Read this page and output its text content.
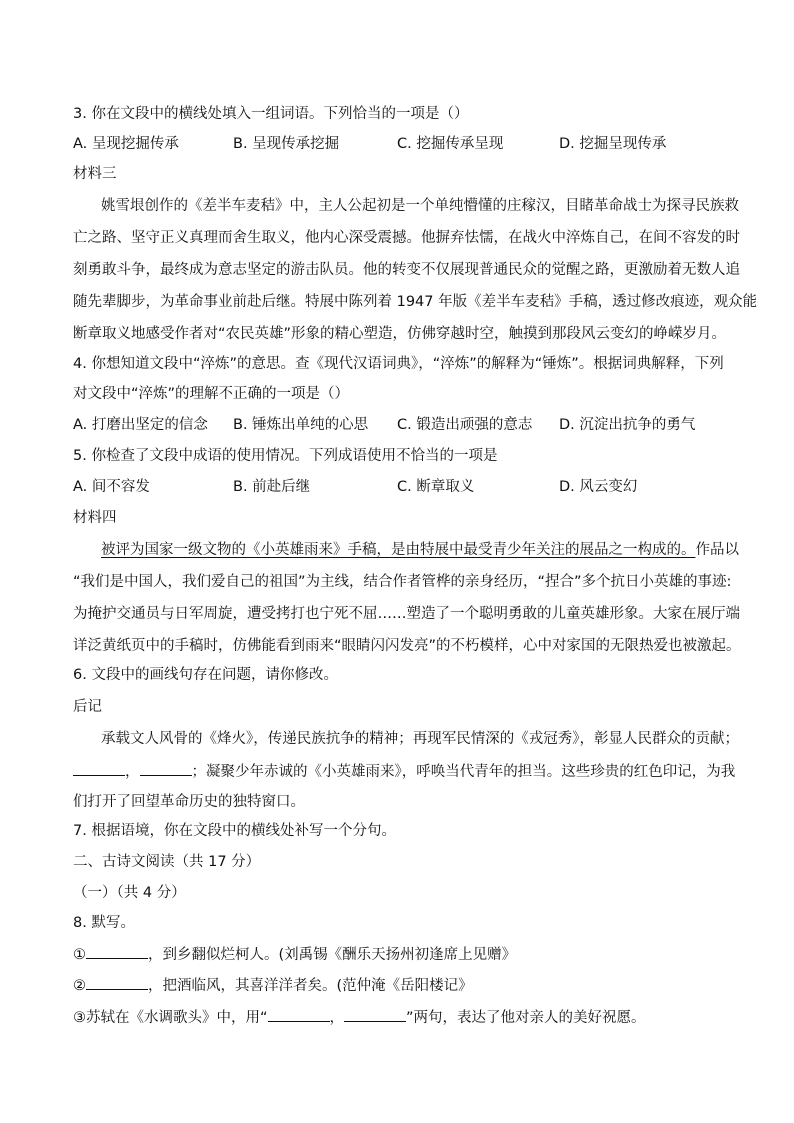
3. 你在文段中的横线处填入一组词语。下列恰当的一项是（）
A. 呈现挖掘传承	B. 呈现传承挖掘	C. 挖掘传承呈现	D. 挖掘呈现传承
材料三
姚雪垠创作的《差半车麦秸》中，主人公起初是一个单纯懵懂的庄稼汉，目睹革命战士为探寻民族救
亡之路、坚守正义真理而舍生取义，他内心深受震撼。他摒弃怯懦，在战火中淬炼自己，在间不容发的时
刻勇敢斗争，最终成为意志坚定的游击队员。他的转变不仅展现普通民众的觉醒之路，更激励着无数人追
随先辈脚步，为革命事业前赴后继。特展中陈列着 1947 年版《差半车麦秸》手稿，透过修改痕迹，观众能
断章取义地感受作者对“农民英雄”形象的精心塑造，仿佛穿越时空，触摸到那段风云变幻的峥嵘岁月。
4. 你想知道文段中“淬炼”的意思。查《现代汉语词典》，“淬炼”的解释为“锤炼”。根据词典解释，下列
对文段中“淬炼”的理解不正确的一项是（）
A. 打磨出坚定的信念 B. 锤炼出单纯的心思 C. 锻造出顽强的意志 D. 沉淀出抗争的勇气
5. 你检查了文段中成语的使用情况。下列成语使用不恰当的一项是
A. 间不容发	B. 前赴后继	C. 断章取义	D. 风云变幻
材料四
被评为国家一级文物的《小英雄雨来》手稿，是由特展中最受青少年关注的展品之一构成的。作品以
“我们是中国人，我们爱自己的祖国”为主线，结合作者管桦的亲身经历，“捏合”多个抗日小英雄的事迹:
为掩护交通员与日军周旋，遭受拷打也宁死不屈……塑造了一个聪明勇敢的儿童英雄形象。大家在展厅端
详泛黄纸页中的手稿时，仿佛能看到雨来“眼睛闪闪发亮”的不朽模样，心中对家国的无限热爱也被激起。
6. 文段中的画线句存在问题，请你修改。
后记
承载文人风骨的《烽火》，传递民族抗争的精神；再现军民情深的《戎冠秀》，彰显人民群众的贡献；
，	；凝聚少年赤诚的《小英雄雨来》，呼唤当代青年的担当。这些珍贵的红色印记，为我
们打开了回望革命历史的独特窗口。
7. 根据语境，你在文段中的横线处补写一个分句。
二、古诗文阅读（共 17 分）
（一）（共 4 分）
8. 默写。
①	，到乡翻似烂柯人。(刘禹锡《酬乐天扬州初逢席上见赠》
②	，把酒临风，其喜洋洋者矣。(范仲淹《岳阳楼记》
③苏轼在《水调歌头》中，用“	，	”两句，表达了他对亲人的美好祝愿。
